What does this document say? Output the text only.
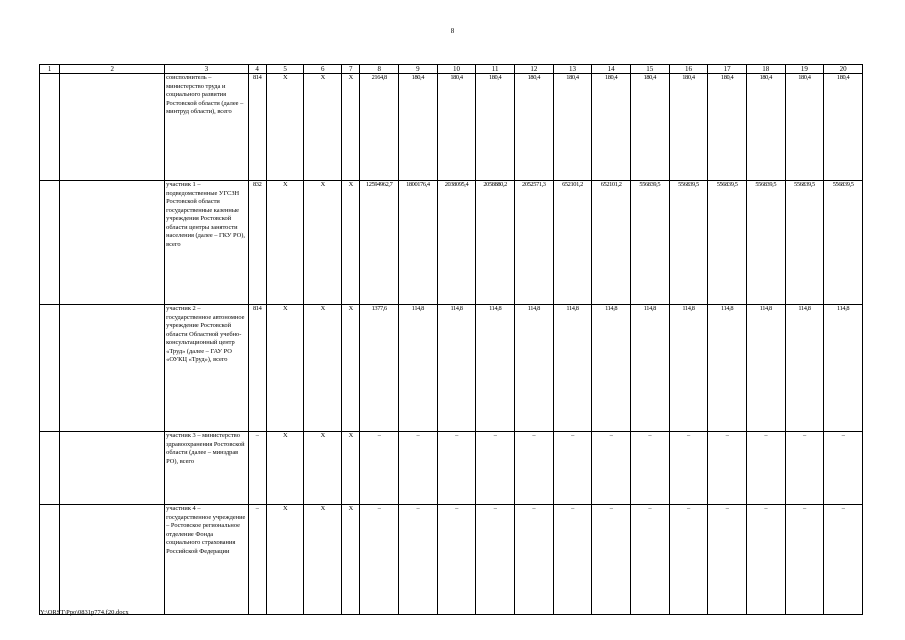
8
1	2	3	4	5	6	7	8	9	10	11	12	13	14	15	16	17	18	19	20
		соисполнитель – министерство труда и социального развития Ростовской области (далее – минтруд области), всего	814	X	X	X	2164,8	180,4	180,4	180,4	180,4	180,4	180,4	180,4	180,4	180,4	180,4	180,4	180,4
		участник 1 – подведомственные УГСЗН Ростовской области государственные казенные учреждения Ростовской области центры занятости населения (далее – ГКУ РО), всего	832	X	X	X	12594962,7	1800176,4	2038095,4	2058880,2	2052571,3	652101,2	652101,2	556839,5	556839,5	556839,5	556839,5	556839,5	556839,5
		участник 2 – государственное автономное учреждение Ростовской области Областной учебно-консультационный центр «Труд» (далее – ГАУ РО «ОУКЦ «Труд»), всего	814	X	X	X	1377,6	114,8	114,8	114,8	114,8	114,8	114,8	114,8	114,8	114,8	114,8	114,8	114,8
		участник 3 – министерство здравоохранения Ростовской области (далее – минздрав РО), всего	–	X	X	X	–	–	–	–	–	–	–	–	–	–	–	–	–
		участник 4 – государственное учреждение – Ростовское региональное отделение Фонда социального страхования Российской Федерации	–	X	X	X	–	–	–	–	–	–	–	–	–	–	–	–	–
Y:\ORST\Ppo\0831p774.f20.docx
